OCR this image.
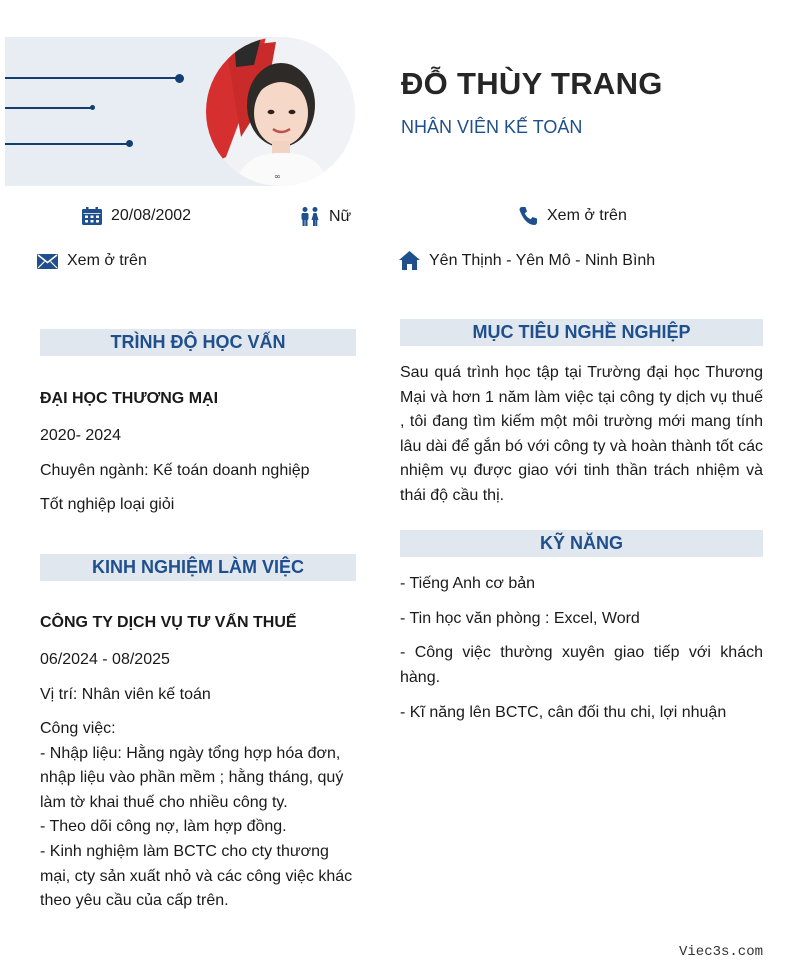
∞
ĐỖ THÙY TRANG
NHÂN VIÊN KẾ TOÁN
20/08/2002	Nữ	Xem ở trên
Xem ở trên	Yên Thịnh - Yên Mô - Ninh Bình
TRÌNH ĐỘ HỌC VẤN
ĐẠI HỌC THƯƠNG MẠI
2020- 2024
Chuyên ngành: Kế toán doanh nghiệp
Tốt nghiệp loại giỏi
KINH NGHIỆM LÀM VIỆC
CÔNG TY DỊCH VỤ TƯ VẤN THUẾ
06/2024 - 08/2025
Vị trí: Nhân viên kế toán
Công việc:
- Nhập liệu: Hằng ngày tổng hợp hóa đơn, nhập liệu vào phần mềm ; hằng tháng, quý làm tờ khai thuế cho nhiều công ty.
- Theo dõi công nợ, làm hợp đồng.
- Kinh nghiệm làm BCTC cho cty thương mại, cty sản xuất nhỏ và các công việc khác theo yêu cầu của cấp trên.
MỤC TIÊU NGHỀ NGHIỆP
Sau quá trình học tập tại Trường đại học Thương Mại và hơn 1 năm làm việc tại công ty dịch vụ thuế , tôi đang tìm kiếm một môi trường mới mang tính lâu dài để gắn bó với công ty và hoàn thành tốt các nhiệm vụ được giao với tinh thần trách nhiệm và thái độ cầu thị.
KỸ NĂNG
- Tiếng Anh cơ bản
- Tin học văn phòng : Excel, Word
- Công việc thường xuyên giao tiếp với khách hàng.
- Kĩ năng lên BCTC, cân đối thu chi, lợi nhuận
Viec3s.com
